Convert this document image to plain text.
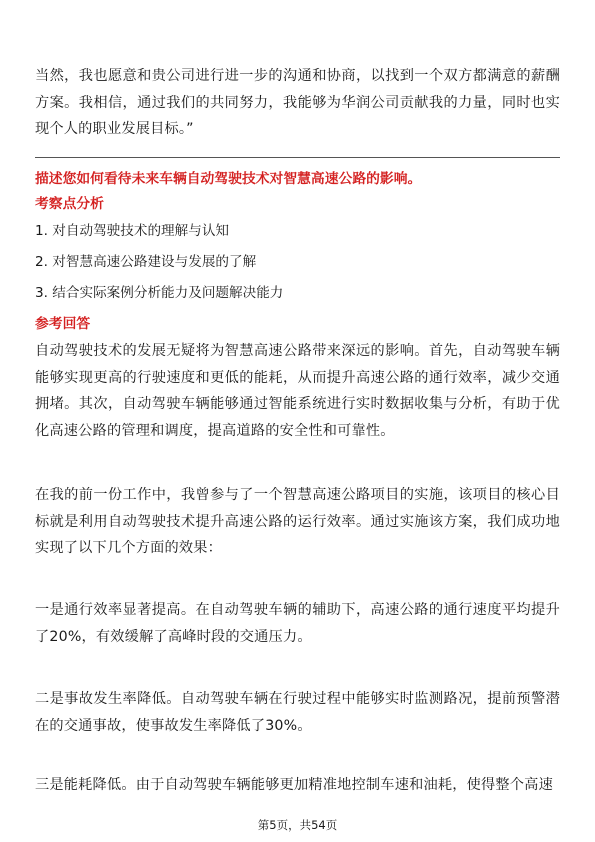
当然，我也愿意和贵公司进行进一步的沟通和协商，以找到一个双方都满意的薪酬方案。我相信，通过我们的共同努力，我能够为华润公司贡献我的力量，同时也实现个人的职业发展目标。”

描述您如何看待未来车辆自动驾驶技术对智慧高速公路的影响。

考察点分析

1. 对自动驾驶技术的理解与认知

2. 对智慧高速公路建设与发展的了解

3. 结合实际案例分析能力及问题解决能力

参考回答

自动驾驶技术的发展无疑将为智慧高速公路带来深远的影响。首先，自动驾驶车辆能够实现更高的行驶速度和更低的能耗，从而提升高速公路的通行效率，减少交通拥堵。其次，自动驾驶车辆能够通过智能系统进行实时数据收集与分析，有助于优化高速公路的管理和调度，提高道路的安全性和可靠性。

在我的前一份工作中，我曾参与了一个智慧高速公路项目的实施，该项目的核心目标就是利用自动驾驶技术提升高速公路的运行效率。通过实施该方案，我们成功地实现了以下几个方面的效果：

一是通行效率显著提高。在自动驾驶车辆的辅助下，高速公路的通行速度平均提升了20%，有效缓解了高峰时段的交通压力。

二是事故发生率降低。自动驾驶车辆在行驶过程中能够实时监测路况，提前预警潜在的交通事故，使事故发生率降低了30%。

三是能耗降低。由于自动驾驶车辆能够更加精准地控制车速和油耗，使得整个高速

第5页，共54页
